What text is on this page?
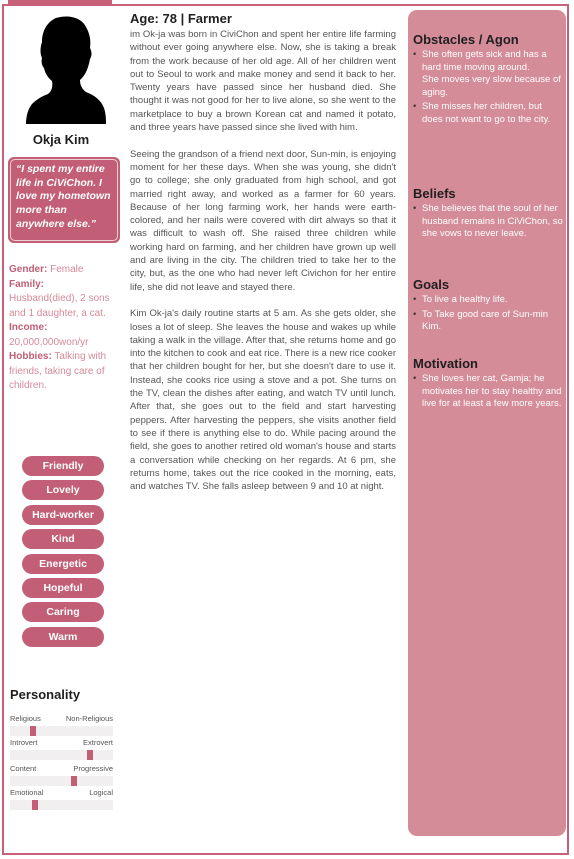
Okja Kim
“I spent my entire life in CiViChon. I love my hometown more than anywhere else.”
Gender: Female
Family:
Husband(died), 2 sons and 1 daughter, a cat.
Income:
20,000,000won/yr
Hobbies: Talking with friends, taking care of children.
Friendly
Lovely
Hard-worker
Kind
Energetic
Hopeful
Caring
Warm
Personality
Religious	Non-Religious
Introvert	Extrovert
Content	Progressive
Emotional	Logical
Age: 78 | Farmer

im Ok-ja was born in CiviChon and spent her entire life farming without ever going anywhere else. Now, she is taking a break from the work because of her old age. All of her children went out to Seoul to work and make money and send it back to her. Twenty years have passed since her husband died. She thought it was not good for her to live alone, so she went to the marketplace to buy a brown Korean cat and named it potato, and three years have passed since she lived with him.

Seeing the grandson of a friend next door, Sun-min, is enjoying moment for her these days. When she was young, she didn't go to college; she only graduated from high school, and got married right away, and worked as a farmer for 60 years. Because of her long farming work, her hands were earth-colored, and her nails were covered with dirt always so that it was difficult to wash off. She raised three children while working hard on farming, and her children have grown up well and are living in the city. The children tried to take her to the city, but, as the one who had never left Civichon for her entire life, she did not leave and stayed there.

Kim Ok-ja's daily routine starts at 5 am. As she gets older, she loses a lot of sleep. She leaves the house and wakes up while taking a walk in the village. After that, she returns home and go into the kitchen to cook and eat rice. There is a new rice cooker that her children bought for her, but she doesn't dare to use it. Instead, she cooks rice using a stove and a pot. She turns on the TV, clean the dishes after eating, and watch TV until lunch. After that, she goes out to the field and start harvesting peppers. After harvesting the peppers, she visits another field to see if there is anything else to do. While pacing around the field, she goes to another retired old woman's house and starts a conversation while checking on her regards. At 6 pm, she returns home, takes out the rice cooked in the morning, eats, and watches TV. She falls asleep between 9 and 10 at night.

Obstacles / Agon
• She often gets sick and has a hard time moving around.
She moves very slow because of aging.
• She misses her children, but does not want to go to the city.
Beliefs
• She believes that the soul of her husband remains in CiViChon, so she vows to never leave.
Goals
• To live a healthy life.
• To Take good care of Sun-min Kim.
Motivation
• She loves her cat, Gamja; he motivates her to stay healthy and live for at least a few more years.
